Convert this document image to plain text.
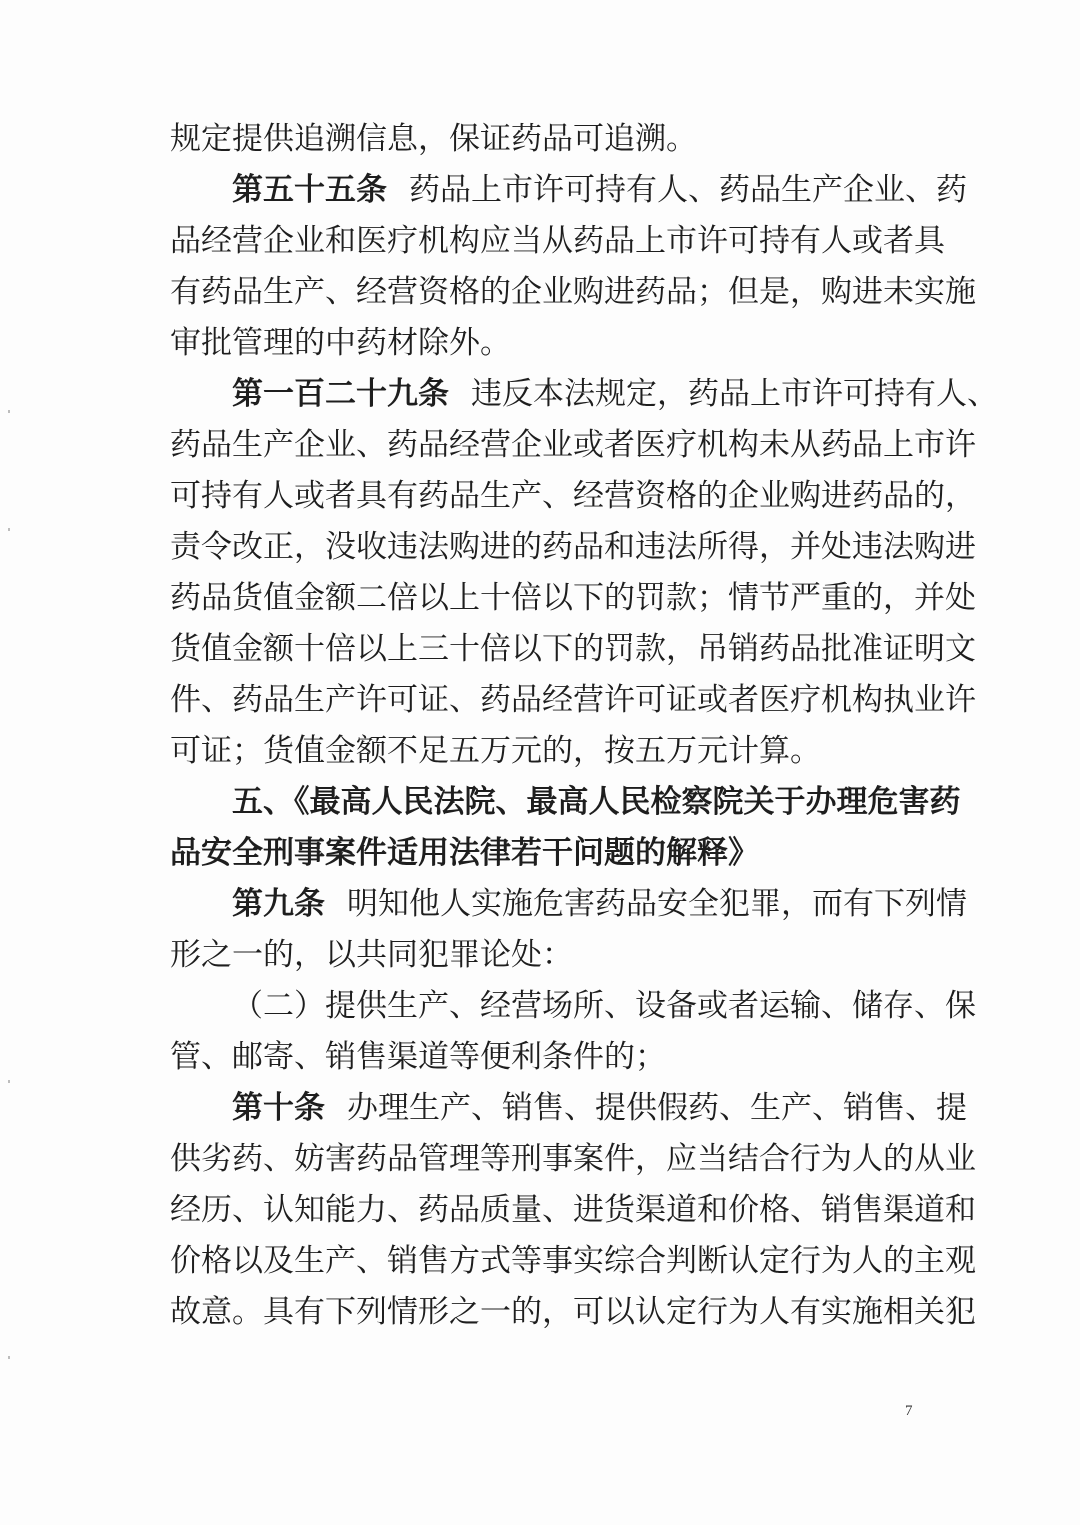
规定提供追溯信息，保证药品可追溯。
第五十五条 药品上市许可持有人、药品生产企业、药
品经营企业和医疗机构应当从药品上市许可持有人或者具
有药品生产、经营资格的企业购进药品；但是，购进未实施
审批管理的中药材除外。
第一百二十九条 违反本法规定，药品上市许可持有人、
药品生产企业、药品经营企业或者医疗机构未从药品上市许
可持有人或者具有药品生产、经营资格的企业购进药品的，
责令改正，没收违法购进的药品和违法所得，并处违法购进
药品货值金额二倍以上十倍以下的罚款；情节严重的，并处
货值金额十倍以上三十倍以下的罚款，吊销药品批准证明文
件、药品生产许可证、药品经营许可证或者医疗机构执业许
可证；货值金额不足五万元的，按五万元计算。
五、《最高人民法院、最高人民检察院关于办理危害药
品安全刑事案件适用法律若干问题的解释》
第九条 明知他人实施危害药品安全犯罪，而有下列情
形之一的，以共同犯罪论处：
（二）提供生产、经营场所、设备或者运输、储存、保
管、邮寄、销售渠道等便利条件的；
第十条 办理生产、销售、提供假药、生产、销售、提
供劣药、妨害药品管理等刑事案件，应当结合行为人的从业
经历、认知能力、药品质量、进货渠道和价格、销售渠道和
价格以及生产、销售方式等事实综合判断认定行为人的主观
故意。具有下列情形之一的，可以认定行为人有实施相关犯
7
